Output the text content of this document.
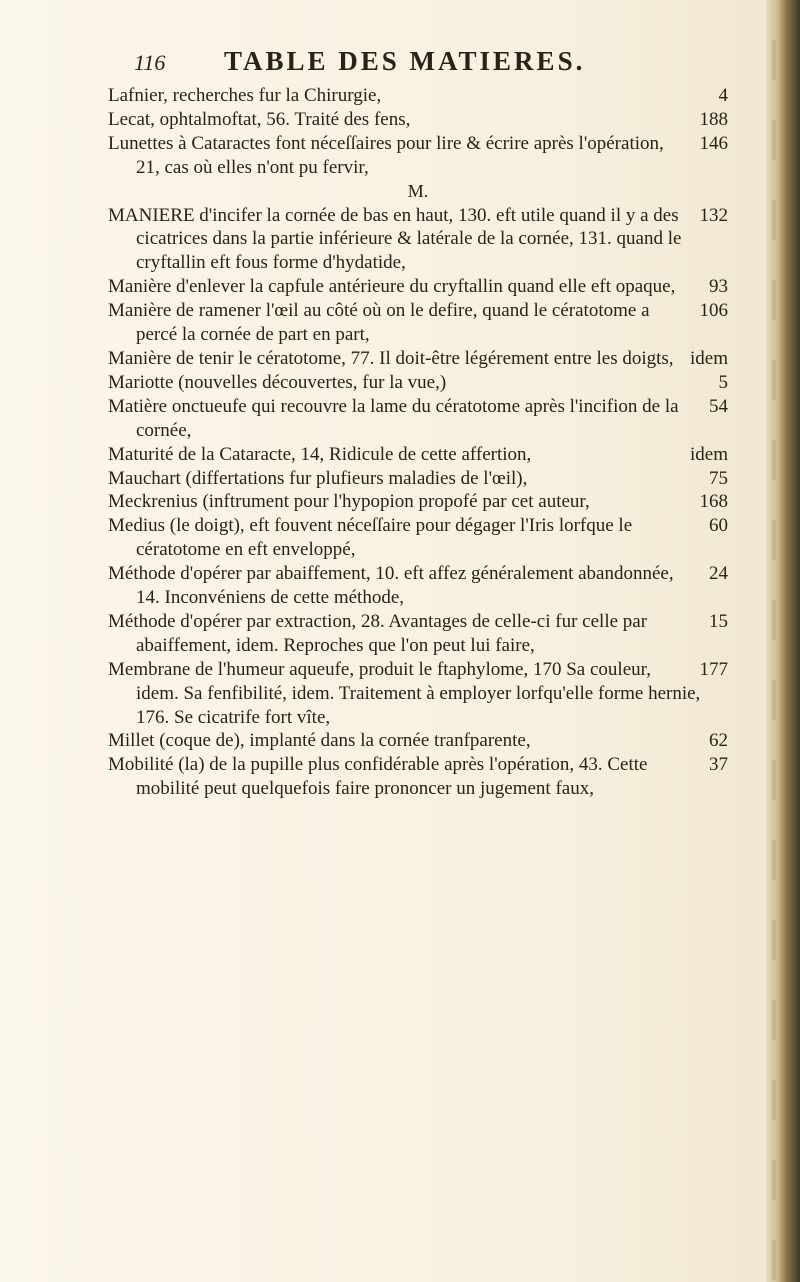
116 TABLE DES MATIERES.

4
Lafnier, recherches fur la Chirurgie,

188
Lecat, ophtalmoftat, 56. Traité des fens,

146
Lunettes à Cataractes font néceſſaires pour lire & écrire après l'opération, 21, cas où elles n'ont pu fervir,

M.

132
MANIERE d'incifer la cornée de bas en haut, 130. eft utile quand il y a des cicatrices dans la partie inférieure & latérale de la cornée, 131. quand le cryftallin eft fous forme d'hydatide,

93
Manière d'enlever la capfule antérieure du cryftallin quand elle eft opaque,

106
Manière de ramener l'œil au côté où on le defire, quand le cératotome a percé la cornée de part en part,

idem
Manière de tenir le cératotome, 77. Il doit-être légérement entre les doigts,

5
Mariotte (nouvelles découvertes, fur la vue,)

54
Matière onctueufe qui recouvre la lame du cératotome après l'incifion de la cornée,

idem
Maturité de la Cataracte, 14, Ridicule de cette affertion,

75
Mauchart (differtations fur plufieurs maladies de l'œil),

168
Meckrenius (inftrument pour l'hypopion propofé par cet auteur,

60
Medius (le doigt), eft fouvent néceſſaire pour dégager l'Iris lorfque le cératotome en eft enveloppé,

24
Méthode d'opérer par abaiffement, 10. eft affez généralement abandonnée, 14. Inconvéniens de cette méthode,

15
Méthode d'opérer par extraction, 28. Avantages de celle-ci fur celle par abaiffement, idem. Reproches que l'on peut lui faire,

177
Membrane de l'humeur aqueufe, produit le ftaphylome, 170 Sa couleur, idem. Sa fenfibilité, idem. Traitement à employer lorfqu'elle forme hernie, 176. Se cicatrife fort vîte,

62
Millet (coque de), implanté dans la cornée tranfparente,

37
Mobilité (la) de la pupille plus confidérable après l'opération, 43. Cette mobilité peut quelquefois faire prononcer un jugement faux,
